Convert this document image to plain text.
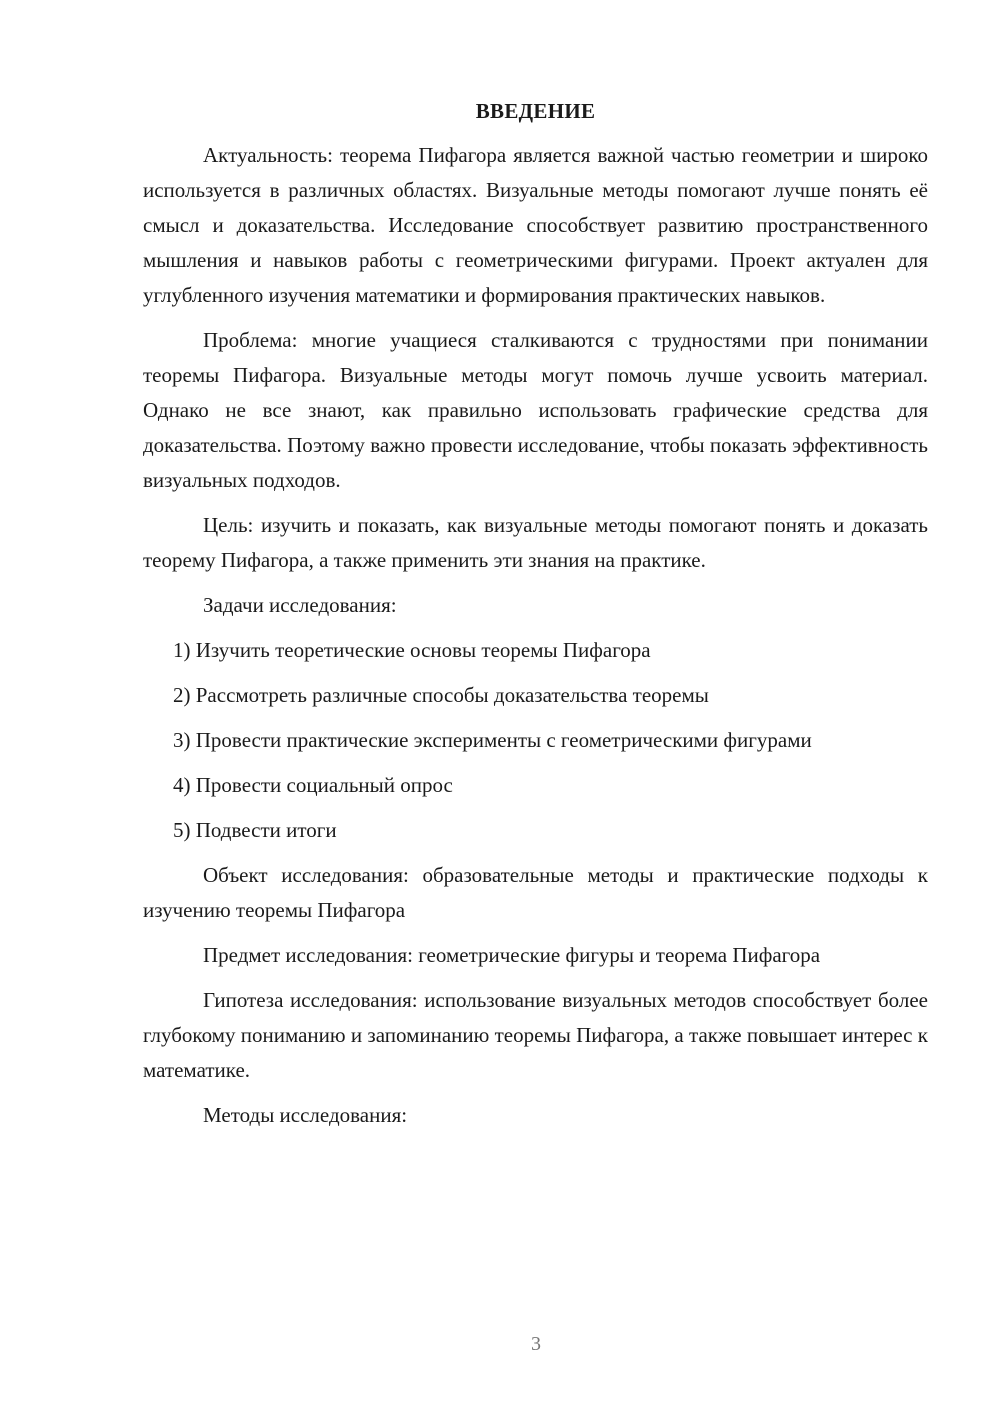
ВВЕДЕНИЕ

Актуальность: теорема Пифагора является важной частью геометрии и широко используется в различных областях. Визуальные методы помогают лучше понять её смысл и доказательства. Исследование способствует развитию пространственного мышления и навыков работы с геометрическими фигурами. Проект актуален для углубленного изучения математики и формирования практических навыков.

Проблема: многие учащиеся сталкиваются с трудностями при понимании теоремы Пифагора. Визуальные методы могут помочь лучше усвоить материал. Однако не все знают, как правильно использовать графические средства для доказательства. Поэтому важно провести исследование, чтобы показать эффективность визуальных подходов.

Цель: изучить и показать, как визуальные методы помогают понять и доказать теорему Пифагора, а также применить эти знания на практике.

Задачи исследования:

1) Изучить теоретические основы теоремы Пифагора
2) Рассмотреть различные способы доказательства теоремы
3) Провести практические эксперименты с геометрическими фигурами
4) Провести социальный опрос
5) Подвести итоги

Объект исследования: образовательные методы и практические подходы к изучению теоремы Пифагора

Предмет исследования: геометрические фигуры и теорема Пифагора

Гипотеза исследования: использование визуальных методов способствует более глубокому пониманию и запоминанию теоремы Пифагора, а также повышает интерес к математике.

Методы исследования:

3
